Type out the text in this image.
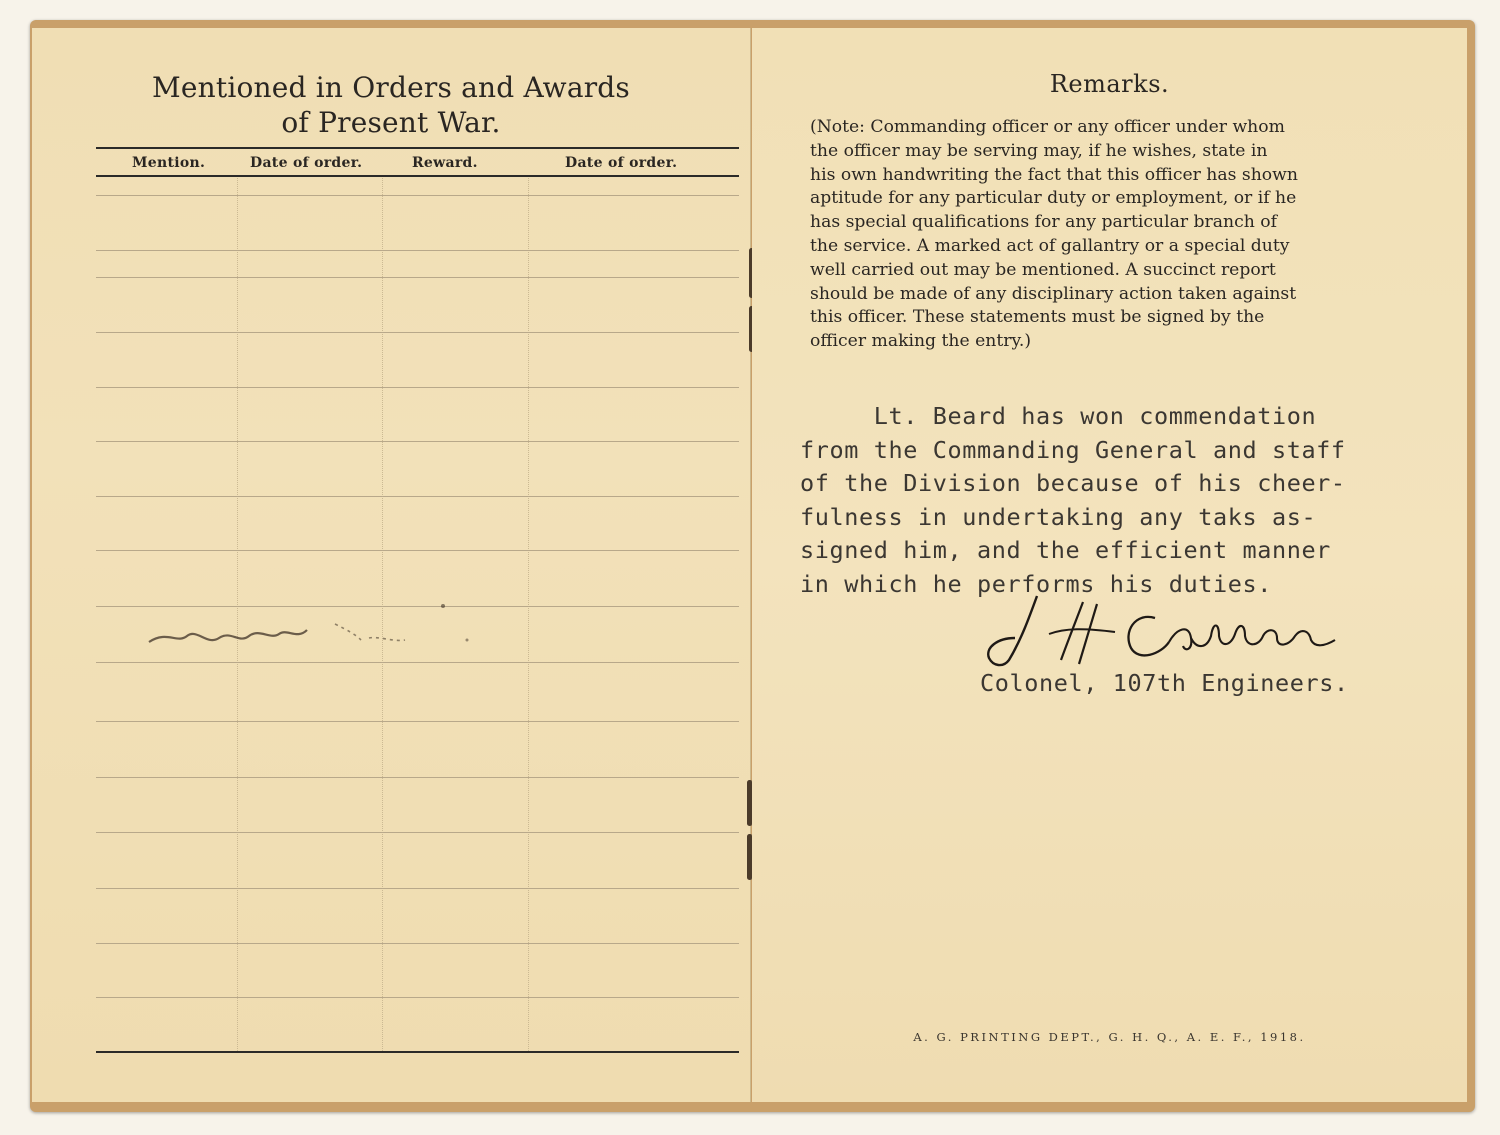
Mentioned in Orders and Awards
of Present War.
Mention.	Date of order.	Reward.	Date of order.
Remarks.
(Note: Commanding officer or any officer under whom
the officer may be serving may, if he wishes, state in
his own handwriting the fact that this officer has shown
aptitude for any particular duty or employment, or if he
has special qualifications for any particular branch of
the service. A marked act of gallantry or a special duty
well carried out may be mentioned. A succinct report
should be made of any disciplinary action taken against
this officer. These statements must be signed by the
officer making the entry.)
Lt. Beard has won commendation
from the Commanding General and staff
of the Division because of his cheer-
fulness in undertaking any taks as-
signed him, and the efficient manner
in which he performs his duties.
Colonel, 107th Engineers.
A. G. PRINTING DEPT., G. H. Q., A. E. F., 1918.
